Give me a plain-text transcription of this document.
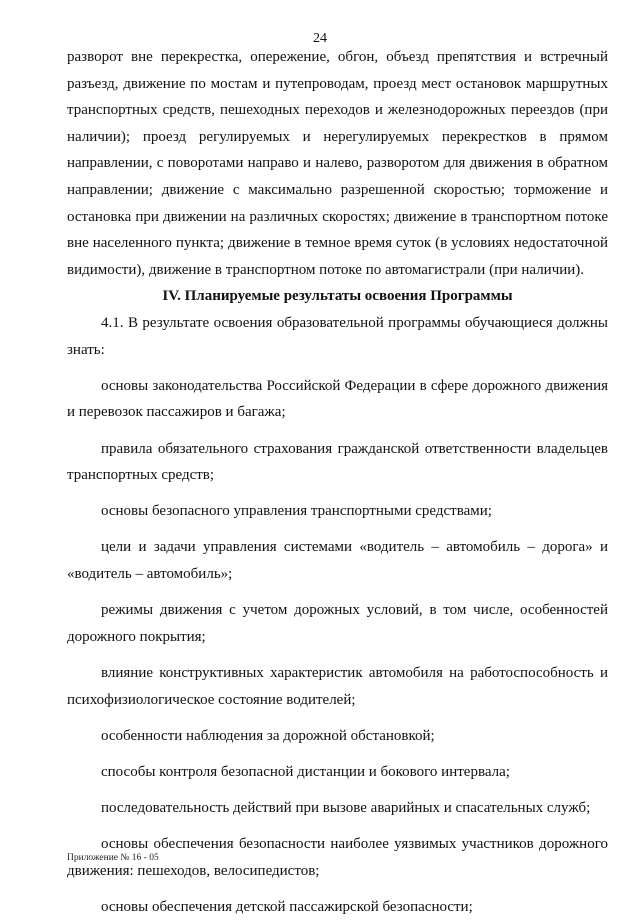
24

разворот вне перекрестка, опережение, обгон, объезд препятствия и встречный разъезд, движение по мостам и путепроводам, проезд мест остановок маршрутных транспортных средств, пешеходных переходов и железнодорожных переездов (при наличии); проезд регулируемых и нерегулируемых перекрестков в прямом направлении, с поворотами направо и налево, разворотом для движения в обратном направлении; движение с максимально разрешенной скоростью; торможение и остановка при движении на различных скоростях; движение в транспортном потоке вне населенного пункта; движение в темное время суток (в условиях недостаточной видимости), движение в транспортном потоке по автомагистрали (при наличии).

IV. Планируемые результаты освоения Программы

4.1. В результате освоения образовательной программы обучающиеся должны знать:

основы законодательства Российской Федерации в сфере дорожного движения и перевозок пассажиров и багажа;

правила обязательного страхования гражданской ответственности владельцев транспортных средств;

основы безопасного управления транспортными средствами;

цели и задачи управления системами «водитель – автомобиль – дорога» и «водитель – автомобиль»;

режимы движения с учетом дорожных условий, в том числе, особенностей дорожного покрытия;

влияние конструктивных характеристик автомобиля на работоспособность и психофизиологическое состояние водителей;

особенности наблюдения за дорожной обстановкой;

способы контроля безопасной дистанции и бокового интервала;

последовательность действий при вызове аварийных и спасательных служб;

основы обеспечения безопасности наиболее уязвимых участников дорожного движения: пешеходов, велосипедистов;

основы обеспечения детской пассажирской безопасности;

Приложение № 16 - 05
